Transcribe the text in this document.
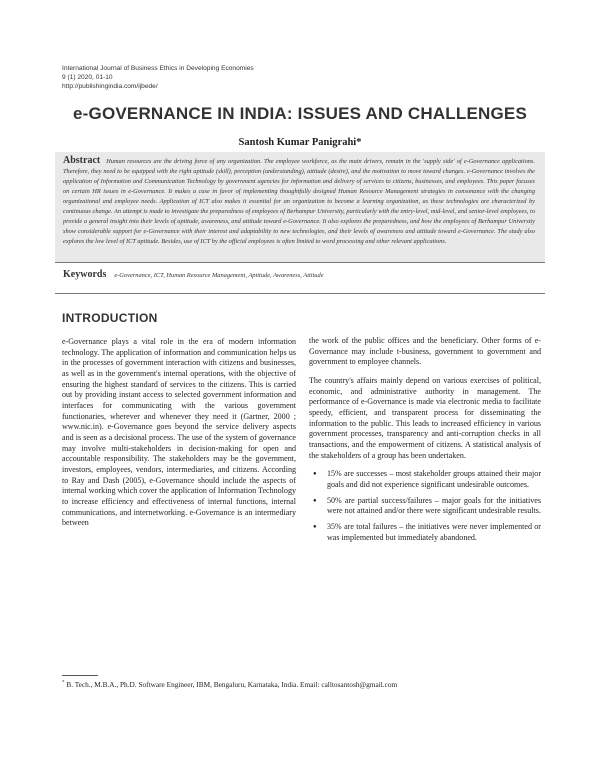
International Journal of Business Ethics in Developing Economies
9 (1) 2020, 01-10
http://publishingindia.com/ijbede/
e-GOVERNANCE IN INDIA: ISSUES AND CHALLENGES
Santosh Kumar Panigrahi*
Abstract Human resources are the driving force of any organization. The employee workforce, as the main drivers, remain in the 'supply side' of e-Governance applications. Therefore, they need to be equipped with the right aptitude (skill), perception (understanding), attitude (desire), and the motivation to move toward changes. e-Governance involves the application of Information and Communication Technology by government agencies for information and delivery of services to citizens, businesses, and employees. This paper focuses on certain HR issues in e-Governance. It makes a case in favor of implementing thoughtfully designed Human Resource Management strategies in consonance with the changing organizational and employee needs. Application of ICT also makes it essential for an organization to become a learning organization, as these technologies are characterized by continuous change. An attempt is made to investigate the preparedness of employees of Berhampur University, particularly with the entry-level, mid-level, and senior-level employees, to provide a general insight into their levels of aptitude, awareness, and attitude toward e-Governance. It also explores the preparedness, and how the employees of Berhampur University show considerable support for e-Governance with their interest and adaptability to new technologies, and their levels of awareness and attitude toward e-Governance. The study also explores the low level of ICT aptitude. Besides, use of ICT by the official employees is often limited to word processing and other relevant applications.
Keywords e-Governance, ICT, Human Resource Management, Aptitude, Awareness, Attitude
INTRODUCTION

e-Governance plays a vital role in the era of modern information technology. The application of information and communication helps us in the processes of government interaction with citizens and businesses, as well as in the government's internal operations, with the objective of ensuring the highest standard of services to the citizens. This is carried out by providing instant access to selected government information and interfaces for communicating with the various government functionaries, wherever and whenever they need it (Gartner, 2000 ; www.nic.in). e-Governance goes beyond the service delivery aspects and is seen as a decisional process. The use of the system of governance may involve multi-stakeholders in decision-making for open and accountable responsibility. The stakeholders may be the government, investors, employees, vendors, intermediaries, and citizens. According to Ray and Dash (2005), e-Governance should include the aspects of internal working which cover the application of Information Technology to increase efficiency and effectiveness of internal functions, internal communications, and internetworking. e-Governance is an intermediary between

the work of the public offices and the beneficiary. Other forms of e-Governance may include t-business, government to government and government to employee channels.

The country's affairs mainly depend on various exercises of political, economic, and administrative authority in management. The performance of e-Governance is made via electronic media to facilitate speedy, efficient, and transparent process for disseminating the information to the public. This leads to increased efficiency in various government processes, transparency and anti-corruption checks in all transactions, and the empowerment of citizens. A statistical analysis of the stakeholders of a group has been undertaken.

● 15% are successes – most stakeholder groups attained their major goals and did not experience significant undesirable outcomes.
● 50% are partial success/failures – major goals for the initiatives were not attained and/or there were significant undesirable results.
● 35% are total failures – the initiatives were never implemented or was implemented but immediately abandoned.
* B. Tech., M.B.A., Ph.D. Software Engineer, IBM, Bengaluru, Karnataka, India. Email: calltosantosh@gmail.com
